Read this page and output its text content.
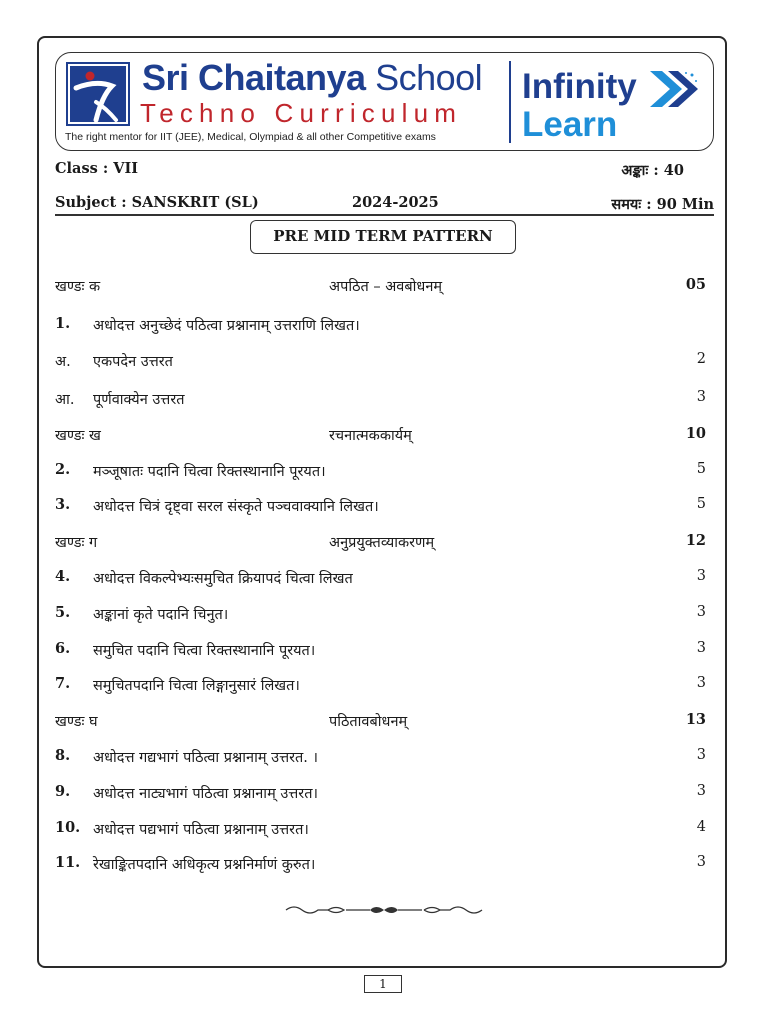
Sri Chaitanya School
Techno Curriculum
The right mentor for IIT (JEE), Medical, Olympiad & all other Competitive exams
Infinity
Learn
Class : VII	अङ्काः : 40
Subject : SANSKRIT (SL)	2024-2025	समयः : 90 Min
PRE MID TERM PATTERN
खण्डः क	अपठित – अवबोधनम्	05
1. अधोदत्त अनुच्छेदं पठित्वा प्रश्नानाम् उत्तराणि लिखत।
अ. एकपदेन उत्तरत	2
आ. पूर्णवाक्येन उत्तरत	3
खण्डः ख	रचनात्मककार्यम्	10
2. मञ्जूषातः पदानि चित्वा रिक्तस्थानानि पूरयत।	5
3. अधोदत्त चित्रं दृष्ट्वा सरल संस्कृते पञ्चवाक्यानि लिखत।	5
खण्डः ग	अनुप्रयुक्तव्याकरणम्	12
4. अधोदत्त विकल्पेभ्यःसमुचित क्रियापदं चित्वा लिखत	3
5. अङ्कानां कृते पदानि चिनुत।	3
6. समुचित पदानि चित्वा रिक्तस्थानानि पूरयत।	3
7. समुचितपदानि चित्वा लिङ्गानुसारं लिखत।	3
खण्डः घ	पठितावबोधनम्	13
8. अधोदत्त गद्यभागं पठित्वा प्रश्नानाम् उत्तरत. ।	3
9. अधोदत्त नाट्यभागं पठित्वा प्रश्नानाम् उत्तरत।	3
10. अधोदत्त पद्यभागं पठित्वा प्रश्नानाम् उत्तरत।	4
11. रेखाङ्कितपदानि अधिकृत्य प्रश्ननिर्माणं कुरुत।	3
1
